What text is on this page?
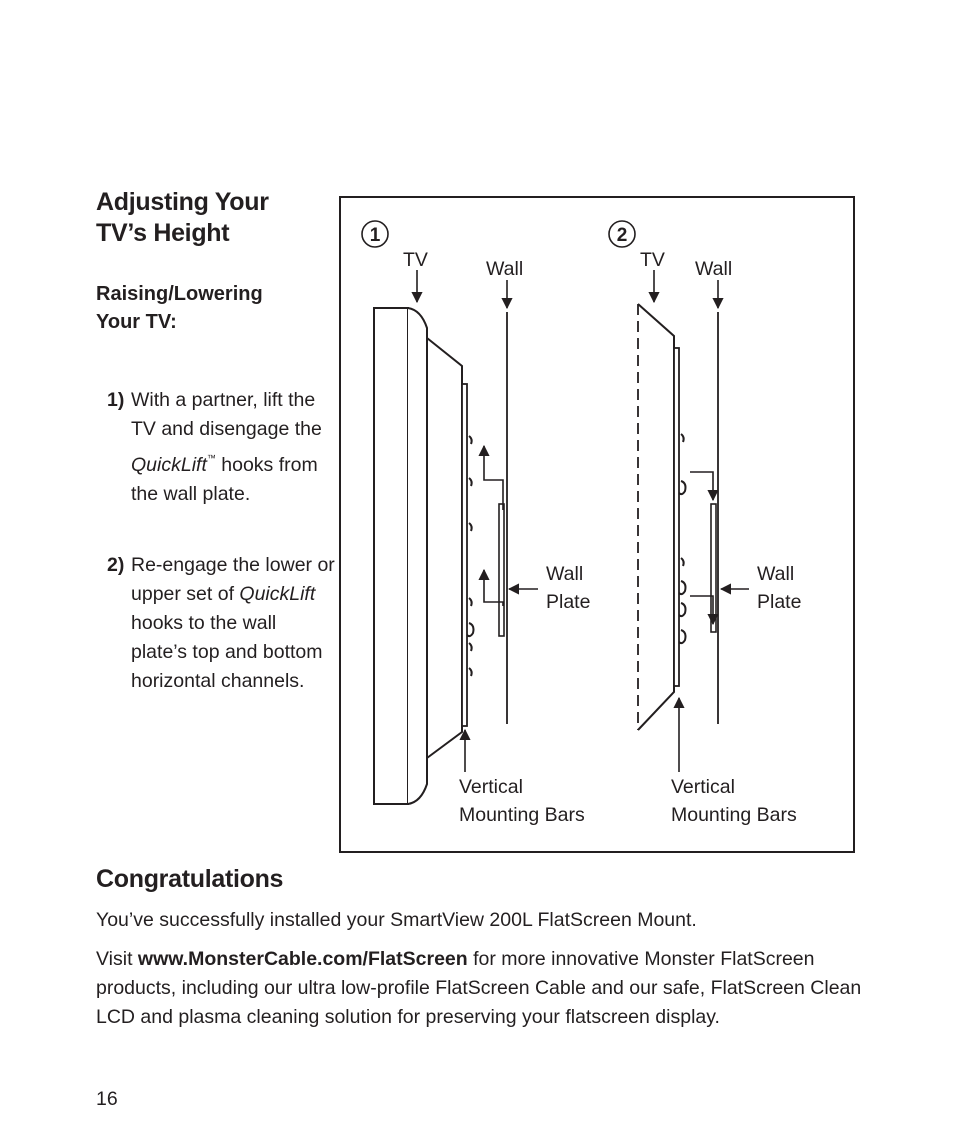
Adjusting Your
TV’s Height
Raising/Lowering
Your TV:
1) With a partner, lift the TV and disengage the QuickLift™ hooks from the wall plate.
2) Re-engage the lower or upper set of QuickLift hooks to the wall plate’s top and bottom horizontal channels.
1	2
TV	Wall
Wall
Plate
Vertical
Mounting Bars
TV Wall
Wall
Plate
Vertical
Mounting Bars
Congratulations
You’ve successfully installed your SmartView 200L FlatScreen Mount.
Visit www.MonsterCable.com/FlatScreen for more innovative Monster FlatScreen products, including our ultra low-profile FlatScreen Cable and our safe, FlatScreen Clean LCD and plasma cleaning solution for preserving your flatscreen display.
16
